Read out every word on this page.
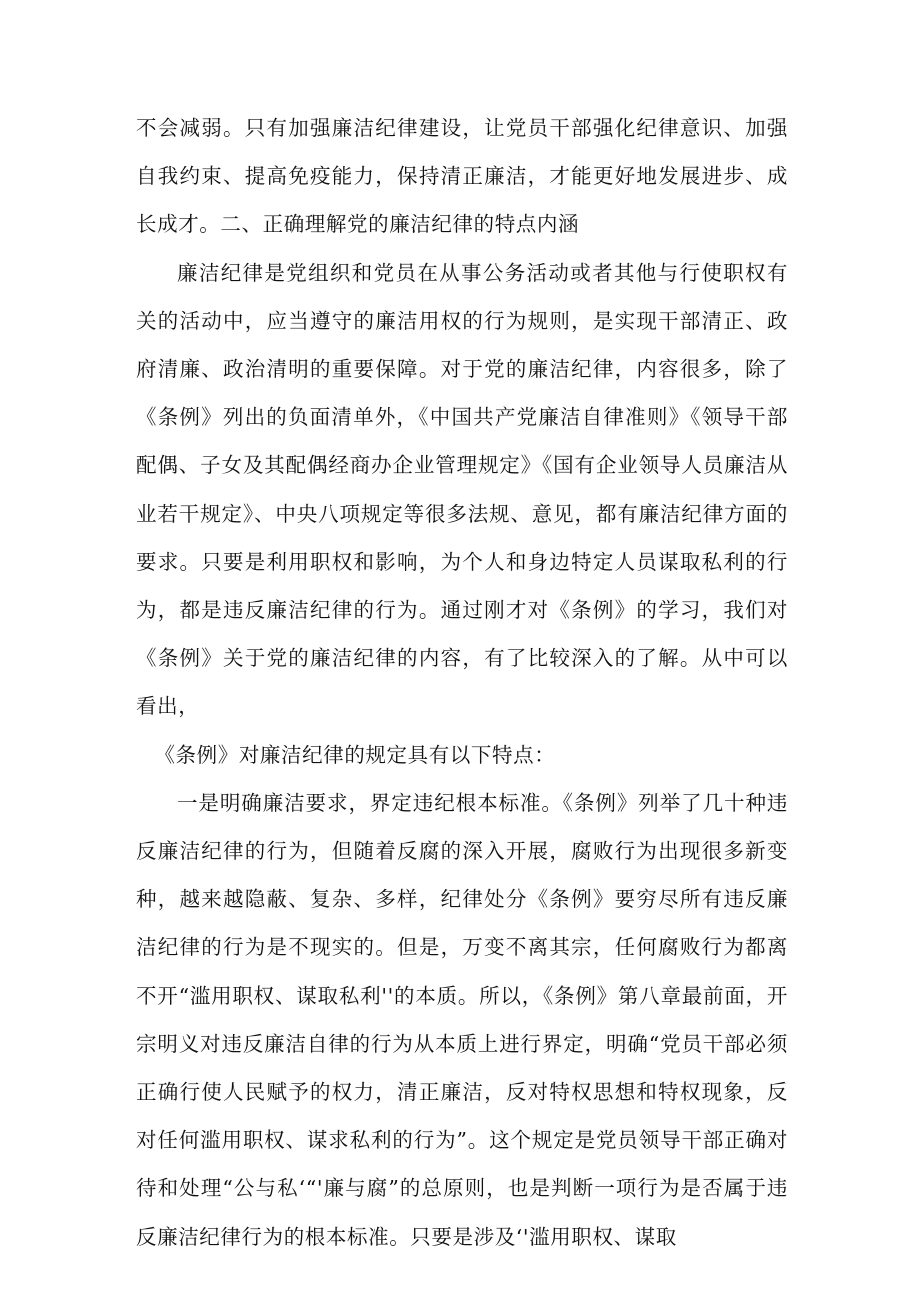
不会减弱。只有加强廉洁纪律建设，让党员干部强化纪律意识、加强自我约束、提高免疫能力，保持清正廉洁，才能更好地发展进步、成长成才。二、正确理解党的廉洁纪律的特点内涵

廉洁纪律是党组织和党员在从事公务活动或者其他与行使职权有关的活动中，应当遵守的廉洁用权的行为规则，是实现干部清正、政府清廉、政治清明的重要保障。对于党的廉洁纪律，内容很多，除了《条例》列出的负面清单外，《中国共产党廉洁自律准则》《领导干部配偶、子女及其配偶经商办企业管理规定》《国有企业领导人员廉洁从业若干规定》、中央八项规定等很多法规、意见，都有廉洁纪律方面的要求。只要是利用职权和影响，为个人和身边特定人员谋取私利的行为，都是违反廉洁纪律的行为。通过刚才对《条例》的学习，我们对《条例》关于党的廉洁纪律的内容，有了比较深入的了解。从中可以看出，

《条例》对廉洁纪律的规定具有以下特点：

一是明确廉洁要求，界定违纪根本标准。《条例》列举了几十种违反廉洁纪律的行为，但随着反腐的深入开展，腐败行为出现很多新变种，越来越隐蔽、复杂、多样，纪律处分《条例》要穷尽所有违反廉洁纪律的行为是不现实的。但是，万变不离其宗，任何腐败行为都离不开“滥用职权、谋取私利''的本质。所以，《条例》第八章最前面，开宗明义对违反廉洁自律的行为从本质上进行界定，明确“党员干部必须正确行使人民赋予的权力，清正廉洁，反对特权思想和特权现象，反对任何滥用职权、谋求私利的行为”。这个规定是党员领导干部正确对待和处理“公与私‘“'廉与腐”的总原则，也是判断一项行为是否属于违反廉洁纪律行为的根本标准。只要是涉及‘'滥用职权、谋取
